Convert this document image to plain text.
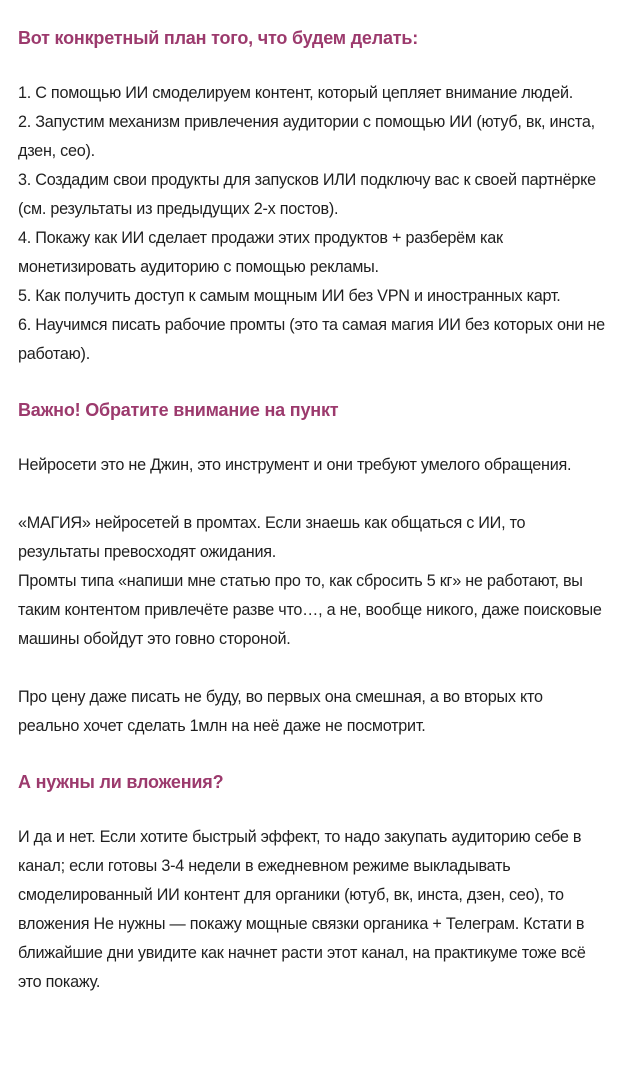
Вот конкретный план того, что будем делать:

1. С помощью ИИ смоделируем контент, который цепляет внимание людей.

2. Запустим механизм привлечения аудитории с помощью ИИ (ютуб, вк, инста, дзен, сео).

3. Создадим свои продукты для запусков ИЛИ подключу вас к своей партнёрке (см. результаты из предыдущих 2-х постов).

4. Покажу как ИИ сделает продажи этих продуктов + разберём как монетизировать аудиторию с помощью рекламы.

5. Как получить доступ к самым мощным ИИ без VPN и иностранных карт.

6. Научимся писать рабочие промты (это та самая магия ИИ без которых они не работаю).

Важно! Обратите внимание на пункт

Нейросети это не Джин, это инструмент и они требуют умелого обращения.

«МАГИЯ» нейросетей в промтах. Если знаешь как общаться с ИИ, то результаты превосходят ожидания.

Промты типа «напиши мне статью про то, как сбросить 5 кг» не работают, вы таким контентом привлечёте разве что…, а не, вообще никого, даже поисковые машины обойдут это говно стороной.

Про цену даже писать не буду, во первых она смешная, а во вторых кто реально хочет сделать 1млн на неё даже не посмотрит.

А нужны ли вложения?

И да и нет. Если хотите быстрый эффект, то надо закупать аудиторию себе в канал; если готовы 3-4 недели в ежедневном режиме выкладывать смоделированный ИИ контент для органики (ютуб, вк, инста, дзен, сео), то вложения Не нужны — покажу мощные связки органика + Телеграм. Кстати в ближайшие дни увидите как начнет расти этот канал, на практикуме тоже всё это покажу.
